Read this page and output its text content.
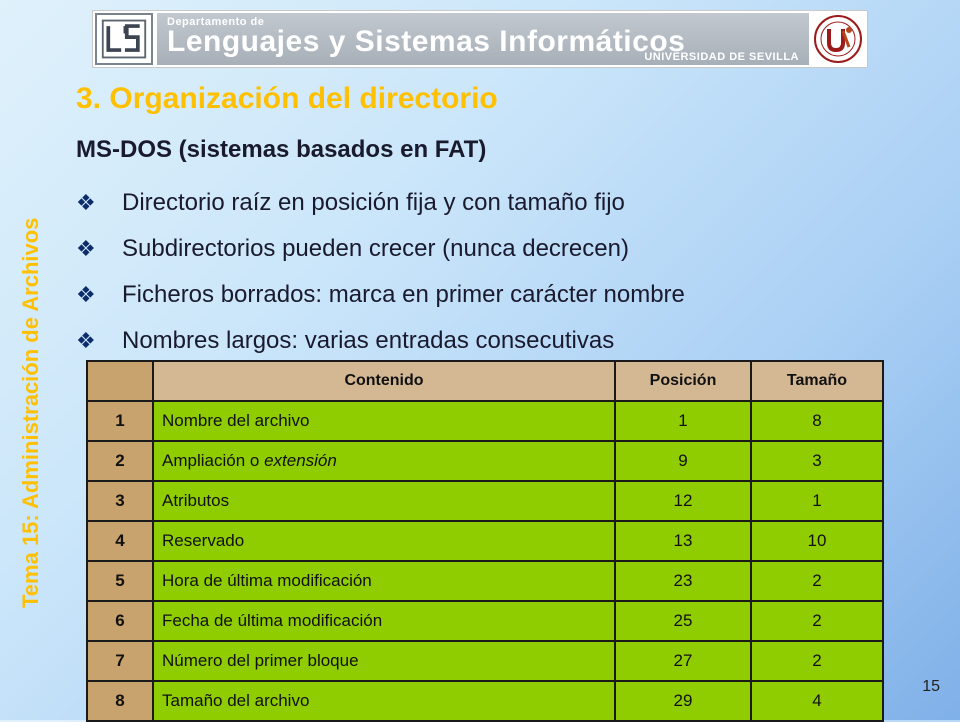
Departamento de
Lenguajes y Sistemas Informáticos
UNIVERSIDAD DE SEVILLA
Tema 15: Administración de Archivos
3. Organización del directorio
MS-DOS (sistemas basados en FAT)
❖	Directorio raíz en posición fija y con tamaño fijo
❖	Subdirectorios pueden crecer (nunca decrecen)
❖	Ficheros borrados: marca en primer carácter nombre
❖	Nombres largos: varias entradas consecutivas
	Contenido	Posición	Tamaño
1	Nombre del archivo	1	8
2	Ampliación o extensión	9	3
3	Atributos	12	1
4	Reservado	13	10
5	Hora de última modificación	23	2
6	Fecha de última modificación	25	2
7	Número del primer bloque	27	2
8	Tamaño del archivo	29	4
15
